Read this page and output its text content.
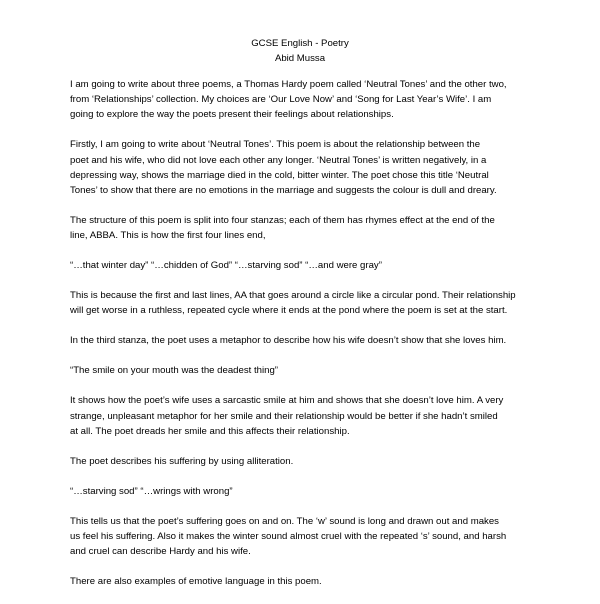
GCSE English - Poetry
Abid Mussa
I am going to write about three poems, a Thomas Hardy poem called ‘Neutral Tones’ and the other two,
from ‘Relationships’ collection. My choices are ‘Our Love Now’ and ‘Song for Last Year’s Wife’. I am
going to explore the way the poets present their feelings about relationships.
Firstly, I am going to write about ‘Neutral Tones’. This poem is about the relationship between the
poet and his wife, who did not love each other any longer. ‘Neutral Tones’ is written negatively, in a
depressing way, shows the marriage died in the cold, bitter winter. The poet chose this title ‘Neutral
Tones’ to show that there are no emotions in the marriage and suggests the colour is dull and dreary.
The structure of this poem is split into four stanzas; each of them has rhymes effect at the end of the
line, ABBA. This is how the first four lines end,
“…that winter day” “…chidden of God” “…starving sod” “…and were gray”
This is because the first and last lines, AA that goes around a circle like a circular pond. Their relationship
will get worse in a ruthless, repeated cycle where it ends at the pond where the poem is set at the start.
In the third stanza, the poet uses a metaphor to describe how his wife doesn’t show that she loves him.
“The smile on your mouth was the deadest thing”
It shows how the poet’s wife uses a sarcastic smile at him and shows that she doesn’t love him. A very
strange, unpleasant metaphor for her smile and their relationship would be better if she hadn’t smiled
at all. The poet dreads her smile and this affects their relationship.
The poet describes his suffering by using alliteration.
“…starving sod” “…wrings with wrong”
This tells us that the poet’s suffering goes on and on. The ‘w’ sound is long and drawn out and makes
us feel his suffering. Also it makes the winter sound almost cruel with the repeated ‘s’ sound, and harsh
and cruel can describe Hardy and his wife.
There are also examples of emotive language in this poem.
